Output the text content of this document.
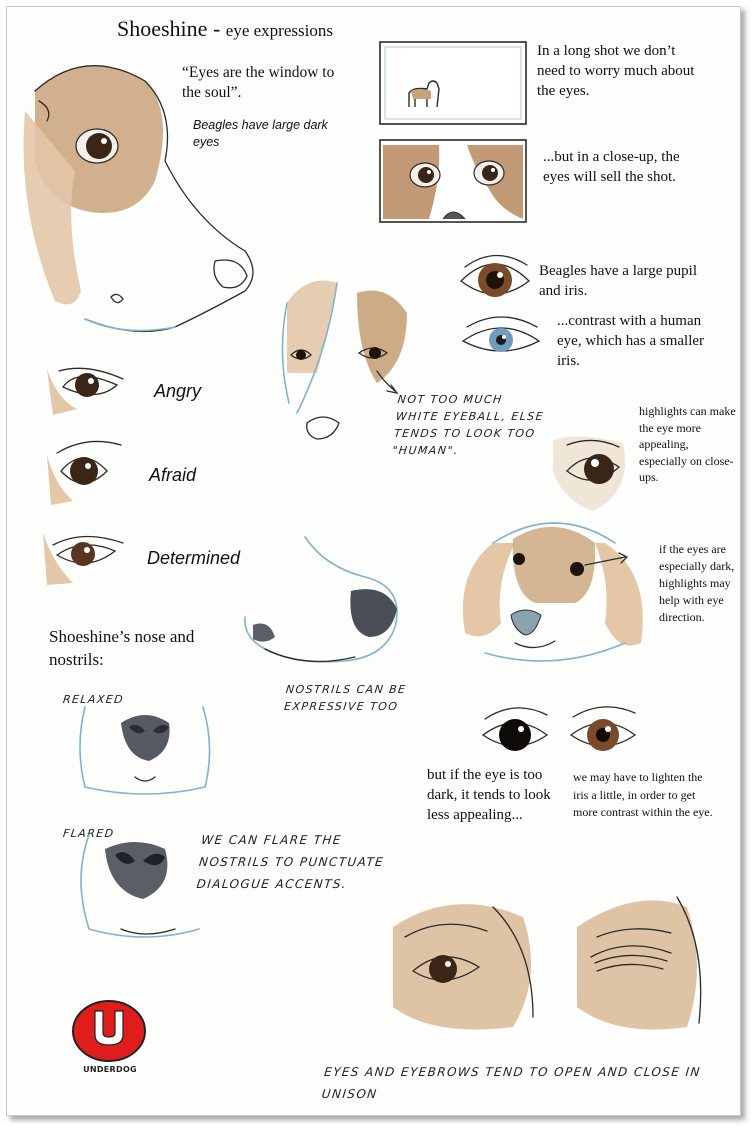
Shoeshine - eye expressions
“Eyes are the window to the soul”.
Beagles have large dark eyes
In a long shot we don’t need to worry much about the eyes.
...but in a close-up, the eyes will sell the shot.
Beagles have a large pupil and iris.
...contrast with a human eye, which has a smaller iris.
NOT TOO MUCH WHITE EYEBALL, ELSE TENDS TO LOOK TOO "HUMAN".
Angry
Afraid
Determined
highlights can make the eye more appealing, especially on close-ups.
if the eyes are especially dark, highlights may help with eye direction.
Shoeshine’s nose and nostrils:
NOSTRILS CAN BE EXPRESSIVE TOO
RELAXED
FLARED	WE CAN FLARE THE NOSTRILS TO PUNCTUATE DIALOGUE ACCENTS.
but if the eye is too dark, it tends to look less appealing...
we may have to lighten the iris a little, in order to get more contrast within the eye.
EYES AND EYEBROWS TEND TO OPEN AND CLOSE IN UNISON
UNDERDOG
